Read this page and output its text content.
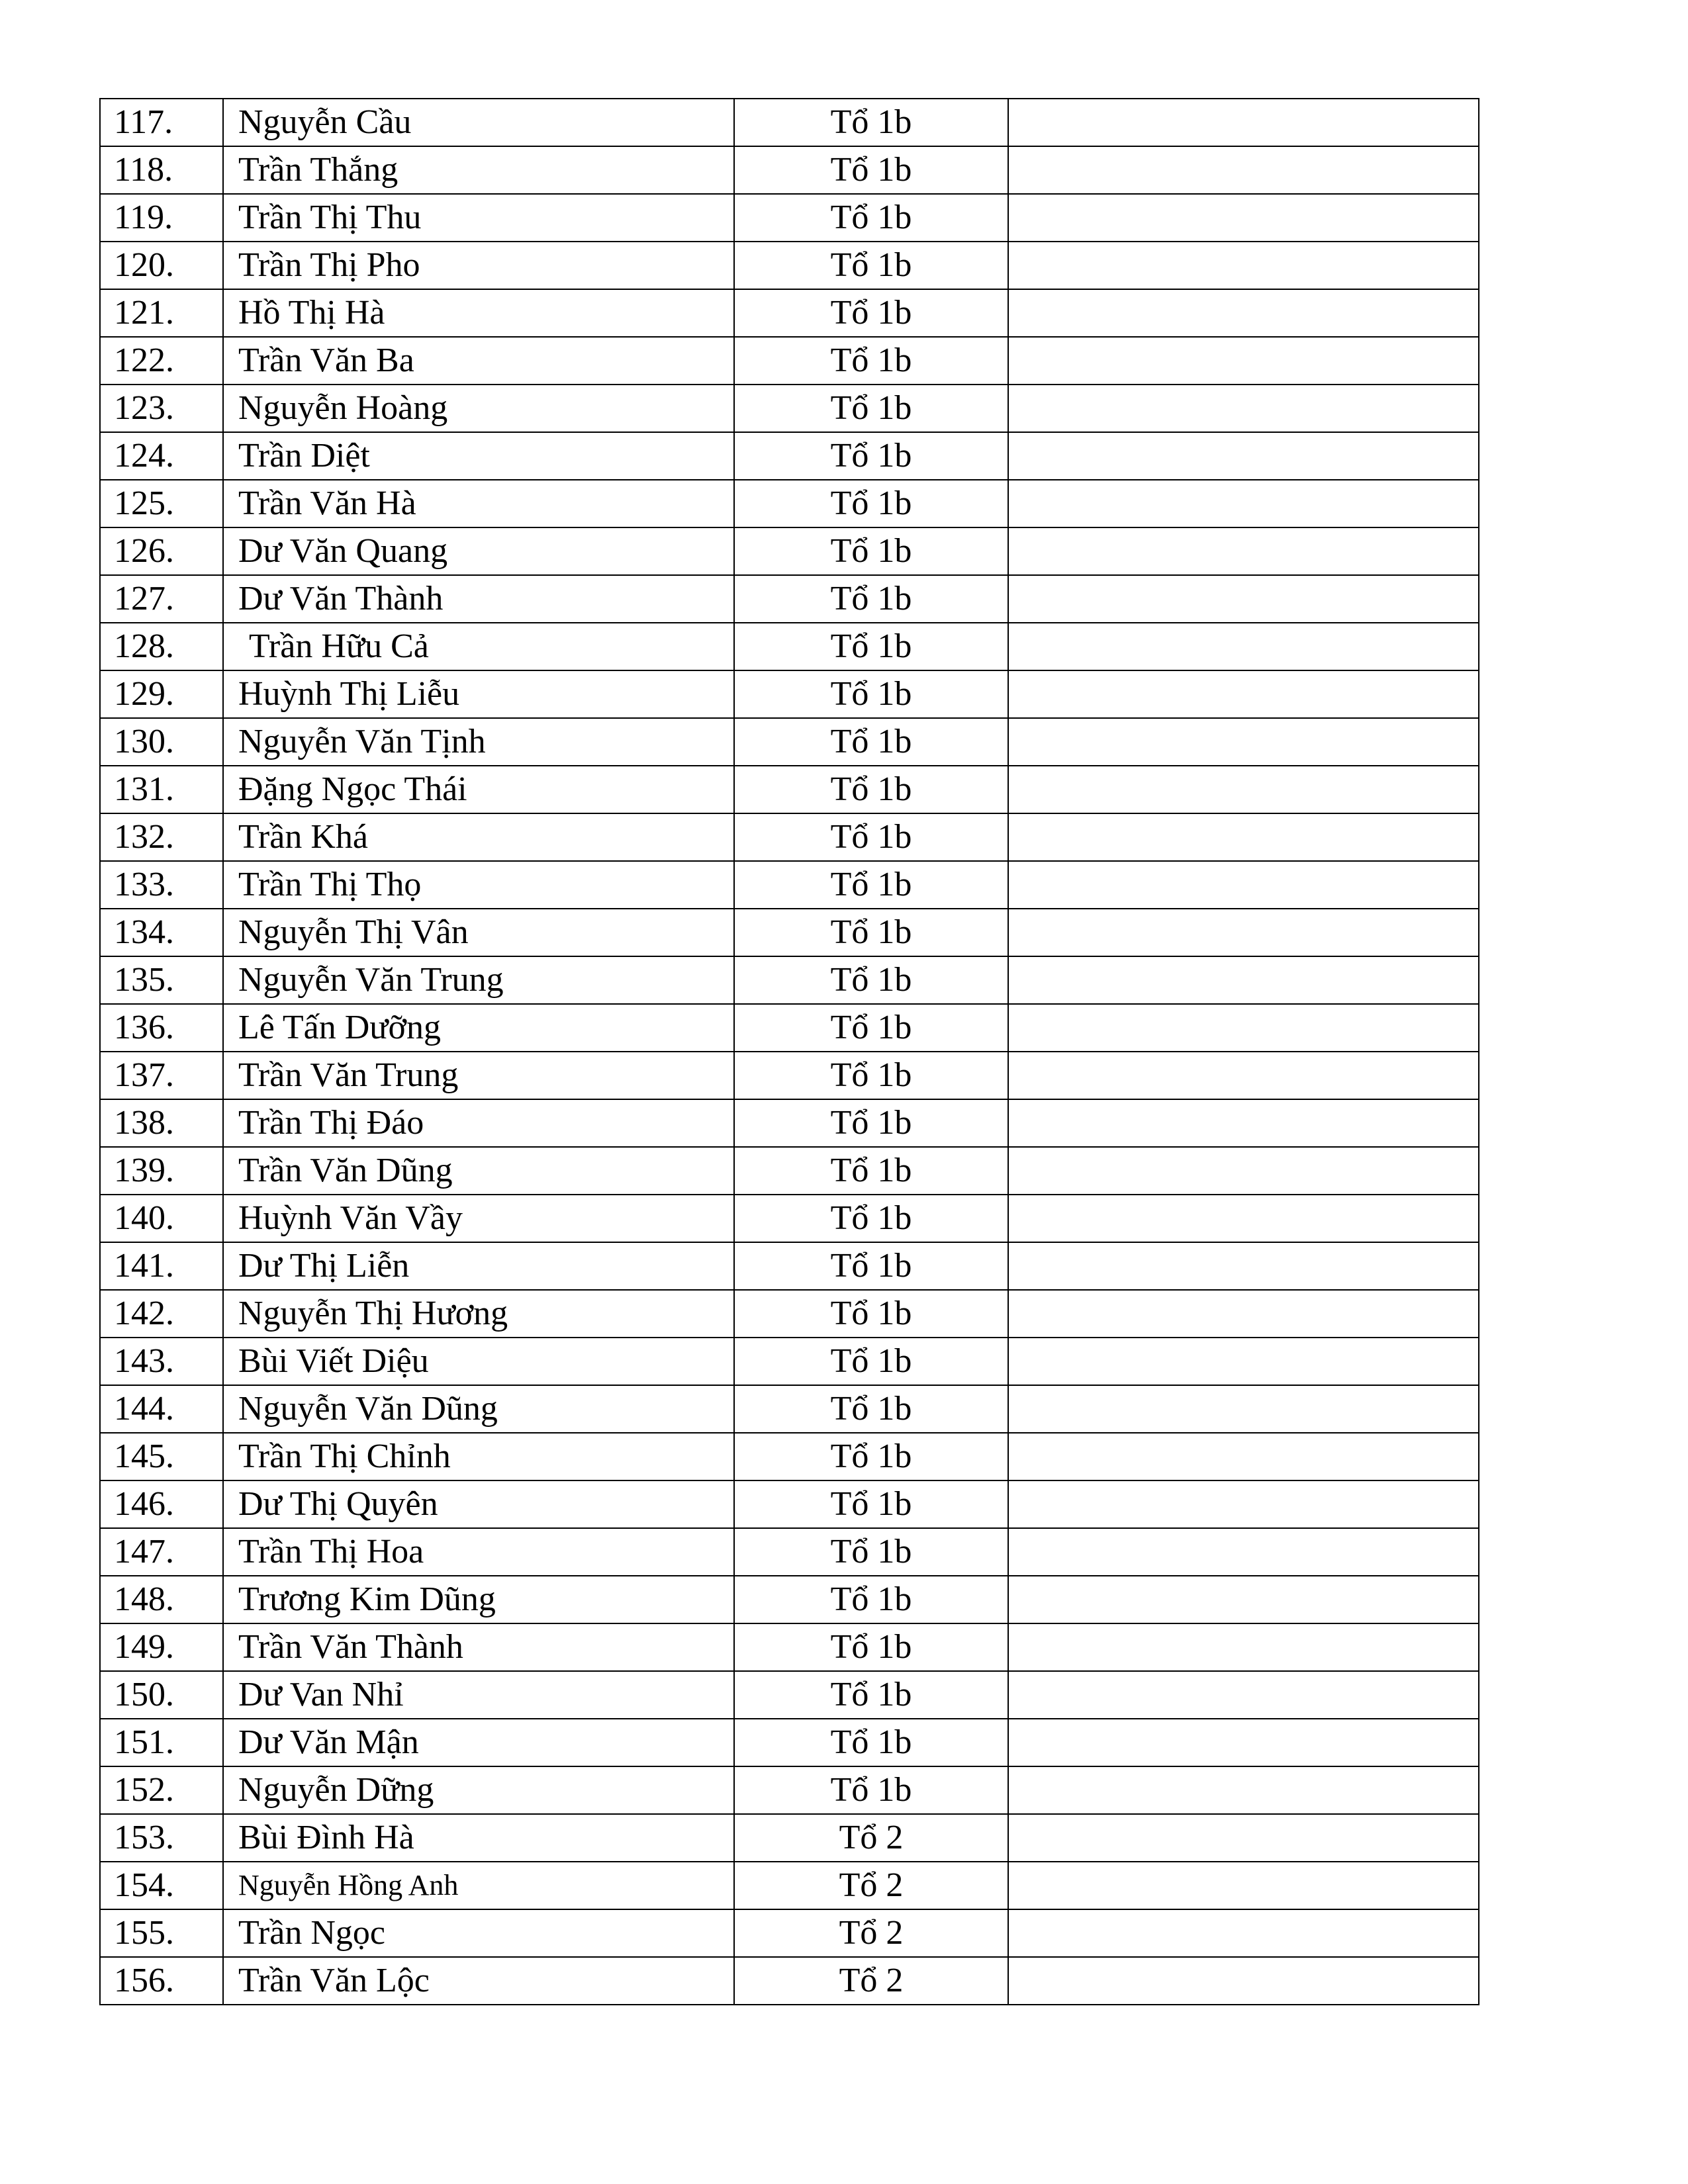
117.	Nguyễn Cầu	Tổ 1b	
118.	Trần Thắng	Tổ 1b	
119.	Trần Thị Thu	Tổ 1b	
120.	Trần Thị Pho	Tổ 1b	
121.	Hồ Thị Hà	Tổ 1b	
122.	Trần Văn Ba	Tổ 1b	
123.	Nguyễn Hoàng	Tổ 1b	
124.	Trần Diệt	Tổ 1b	
125.	Trần Văn Hà	Tổ 1b	
126.	Dư Văn Quang	Tổ 1b	
127.	Dư Văn Thành	Tổ 1b	
128.	Trần Hữu Cả	Tổ 1b	
129.	Huỳnh Thị Liễu	Tổ 1b	
130.	Nguyễn Văn Tịnh	Tổ 1b	
131.	Đặng Ngọc Thái	Tổ 1b	
132.	Trần Khá	Tổ 1b	
133.	Trần Thị Thọ	Tổ 1b	
134.	Nguyễn Thị Vân	Tổ 1b	
135.	Nguyễn Văn Trung	Tổ 1b	
136.	Lê Tấn Dưỡng	Tổ 1b	
137.	Trần Văn Trung	Tổ 1b	
138.	Trần Thị Đáo	Tổ 1b	
139.	Trần Văn Dũng	Tổ 1b	
140.	Huỳnh Văn Vầy	Tổ 1b	
141.	Dư Thị Liễn	Tổ 1b	
142.	Nguyễn Thị Hương	Tổ 1b	
143.	Bùi Viết Diệu	Tổ 1b	
144.	Nguyễn Văn Dũng	Tổ 1b	
145.	Trần Thị Chỉnh	Tổ 1b	
146.	Dư Thị Quyên	Tổ 1b	
147.	Trần Thị Hoa	Tổ 1b	
148.	Trương Kim Dũng	Tổ 1b	
149.	Trần Văn Thành	Tổ 1b	
150.	Dư Van Nhỉ	Tổ 1b	
151.	Dư Văn Mận	Tổ 1b	
152.	Nguyễn Dững	Tổ 1b	
153.	Bùi Đình Hà	Tổ 2	
154.	Nguyễn Hồng Anh	Tổ 2	
155.	Trần Ngọc	Tổ 2	
156.	Trần Văn Lộc	Tổ 2	
